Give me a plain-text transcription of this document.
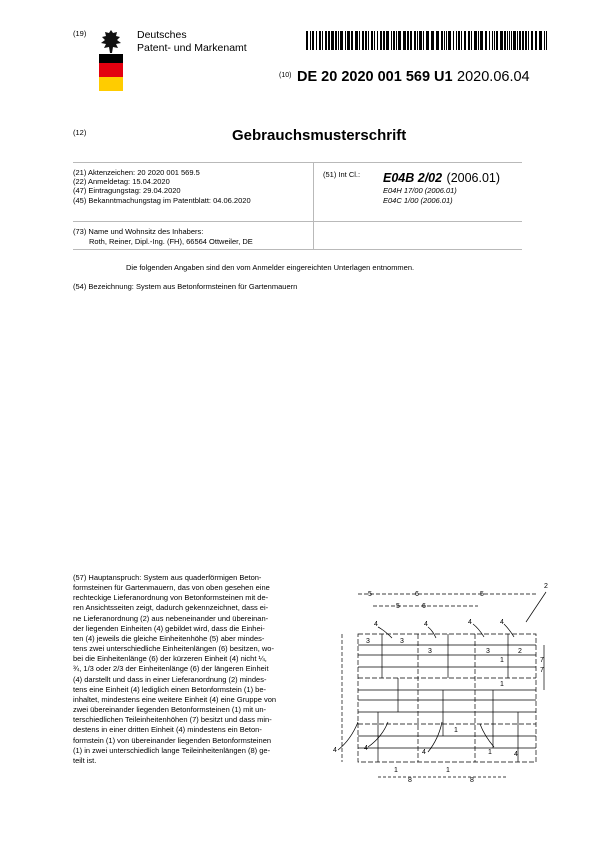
(19)	Deutsches
Patent- und Markenamt
(10) DE 20 2020 001 569 U1 2020.06.04
(12)	Gebrauchsmusterschrift
(21) Aktenzeichen: 20 2020 001 569.5
(22) Anmeldetag: 15.04.2020
(47) Eintragungstag: 29.04.2020
(45) Bekanntmachungstag im Patentblatt: 04.06.2020
(51) Int Cl.: E04B 2/02 (2006.01)
E04H 17/00 (2006.01)
E04C 1/00 (2006.01)
(73) Name und Wohnsitz des Inhabers:
Roth, Reiner, Dipl.-Ing. (FH), 66564 Ottweiler, DE
Die folgenden Angaben sind den vom Anmelder eingereichten Unterlagen entnommen.
(54) Bezeichnung: System aus Betonformsteinen für Gartenmauern
(57) Hauptanspruch: System aus quaderförmigen Beton-
formsteinen für Gartenmauern, das von oben gesehen eine
rechteckige Lieferanordnung von Betonformsteinen mit de-
ren Ansichtsseiten zeigt, dadurch gekennzeichnet, dass ei-
ne Lieferanordnung (2) aus nebeneinander und übereinan-
der liegenden Einheiten (4) gebildet wird, dass die Einhei-
ten (4) jeweils die gleiche Einheitenhöhe (5) aber mindes-
tens zwei unterschiedliche Einheitenlängen (6) besitzen, wo-
bei die Einheitenlänge (6) der kürzeren Einheit (4) nicht ¼,
¾, 1/3 oder 2/3 der Einheitenlänge (6) der längeren Einheit
(4) darstellt und dass in einer Lieferanordnung (2) mindes-
tens eine Einheit (4) lediglich einen Betonformstein (1) be-
inhaltet, mindestens eine weitere Einheit (4) eine Gruppe von
zwei übereinander liegenden Betonformsteinen (1) mit un-
terschiedlichen Teileinheitenhöhen (7) besitzt und dass min-
destens in einer dritten Einheit (4) mindestens ein Beton-
formstein (1) von übereinander liegenden Betonformsteinen
(1) in zwei unterschiedlich lange Teileinheitenlängen (8) ge-
teilt ist.
5	6	5
5	6
2
4	4	4	4
3	3
3	3	2
7
7
1
1
1
4	4
4	1	4
8	8
1	1
